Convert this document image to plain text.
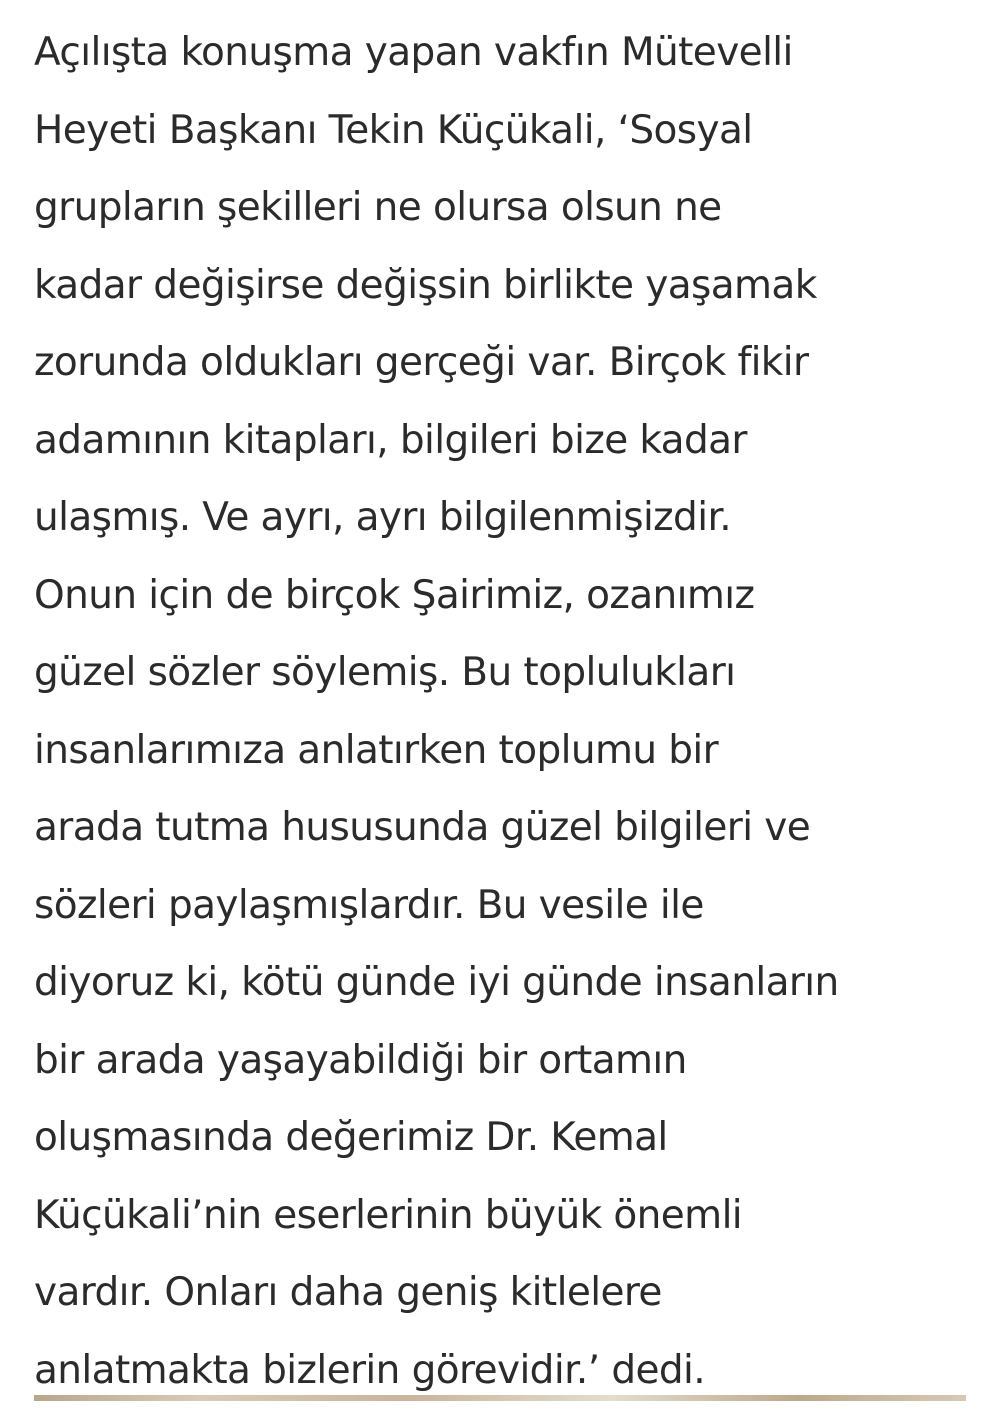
Açılışta konuşma yapan vakfın Mütevelli
Heyeti Başkanı Tekin Küçükali, ‘Sosyal
grupların şekilleri ne olursa olsun ne
kadar değişirse değişsin birlikte yaşamak
zorunda oldukları gerçeği var. Birçok fikir
adamının kitapları, bilgileri bize kadar
ulaşmış. Ve ayrı, ayrı bilgilenmişizdir.
Onun için de birçok Şairimiz, ozanımız
güzel sözler söylemiş. Bu toplulukları
insanlarımıza anlatırken toplumu bir
arada tutma hususunda güzel bilgileri ve
sözleri paylaşmışlardır. Bu vesile ile
diyoruz ki, kötü günde iyi günde insanların
bir arada yaşayabildiği bir ortamın
oluşmasında değerimiz Dr. Kemal
Küçükali’nin eserlerinin büyük önemli
vardır. Onları daha geniş kitlelere
anlatmakta bizlerin görevidir.’ dedi.
